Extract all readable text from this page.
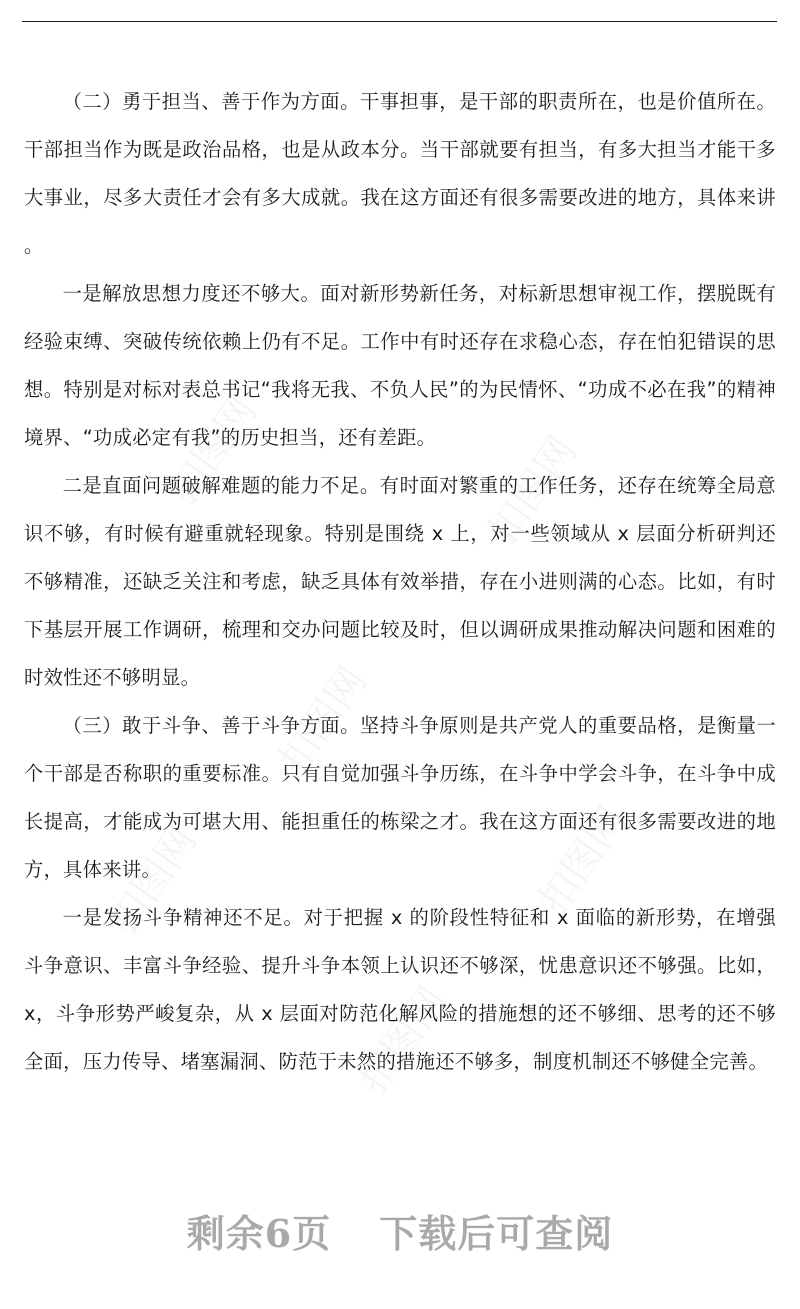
（二）勇于担当、善于作为方面。干事担事，是干部的职责所在，也是价值所在。干部担当作为既是政治品格，也是从政本分。当干部就要有担当，有多大担当才能干多大事业，尽多大责任才会有多大成就。我在这方面还有很多需要改进的地方，具体来讲。

一是解放思想力度还不够大。面对新形势新任务，对标新思想审视工作，摆脱既有经验束缚、突破传统依赖上仍有不足。工作中有时还存在求稳心态，存在怕犯错误的思想。特别是对标对表总书记“我将无我、不负人民”的为民情怀、“功成不必在我”的精神境界、“功成必定有我”的历史担当，还有差距。

二是直面问题破解难题的能力不足。有时面对繁重的工作任务，还存在统筹全局意识不够，有时候有避重就轻现象。特别是围绕 x 上，对一些领域从 x 层面分析研判还不够精准，还缺乏关注和考虑，缺乏具体有效举措，存在小进则满的心态。比如，有时下基层开展工作调研，梳理和交办问题比较及时，但以调研成果推动解决问题和困难的时效性还不够明显。

（三）敢于斗争、善于斗争方面。坚持斗争原则是共产党人的重要品格，是衡量一个干部是否称职的重要标准。只有自觉加强斗争历练，在斗争中学会斗争，在斗争中成长提高，才能成为可堪大用、能担重任的栋梁之才。我在这方面还有很多需要改进的地方，具体来讲。

一是发扬斗争精神还不足。对于把握 x 的阶段性特征和 x 面临的新形势，在增强斗争意识、丰富斗争经验、提升斗争本领上认识还不够深，忧患意识还不够强。比如，x，斗争形势严峻复杂，从 x 层面对防范化解风险的措施想的还不够细、思考的还不够全面，压力传导、堵塞漏洞、防范于未然的措施还不够多，制度机制还不够健全完善。

剩余6页 下载后可查阅
